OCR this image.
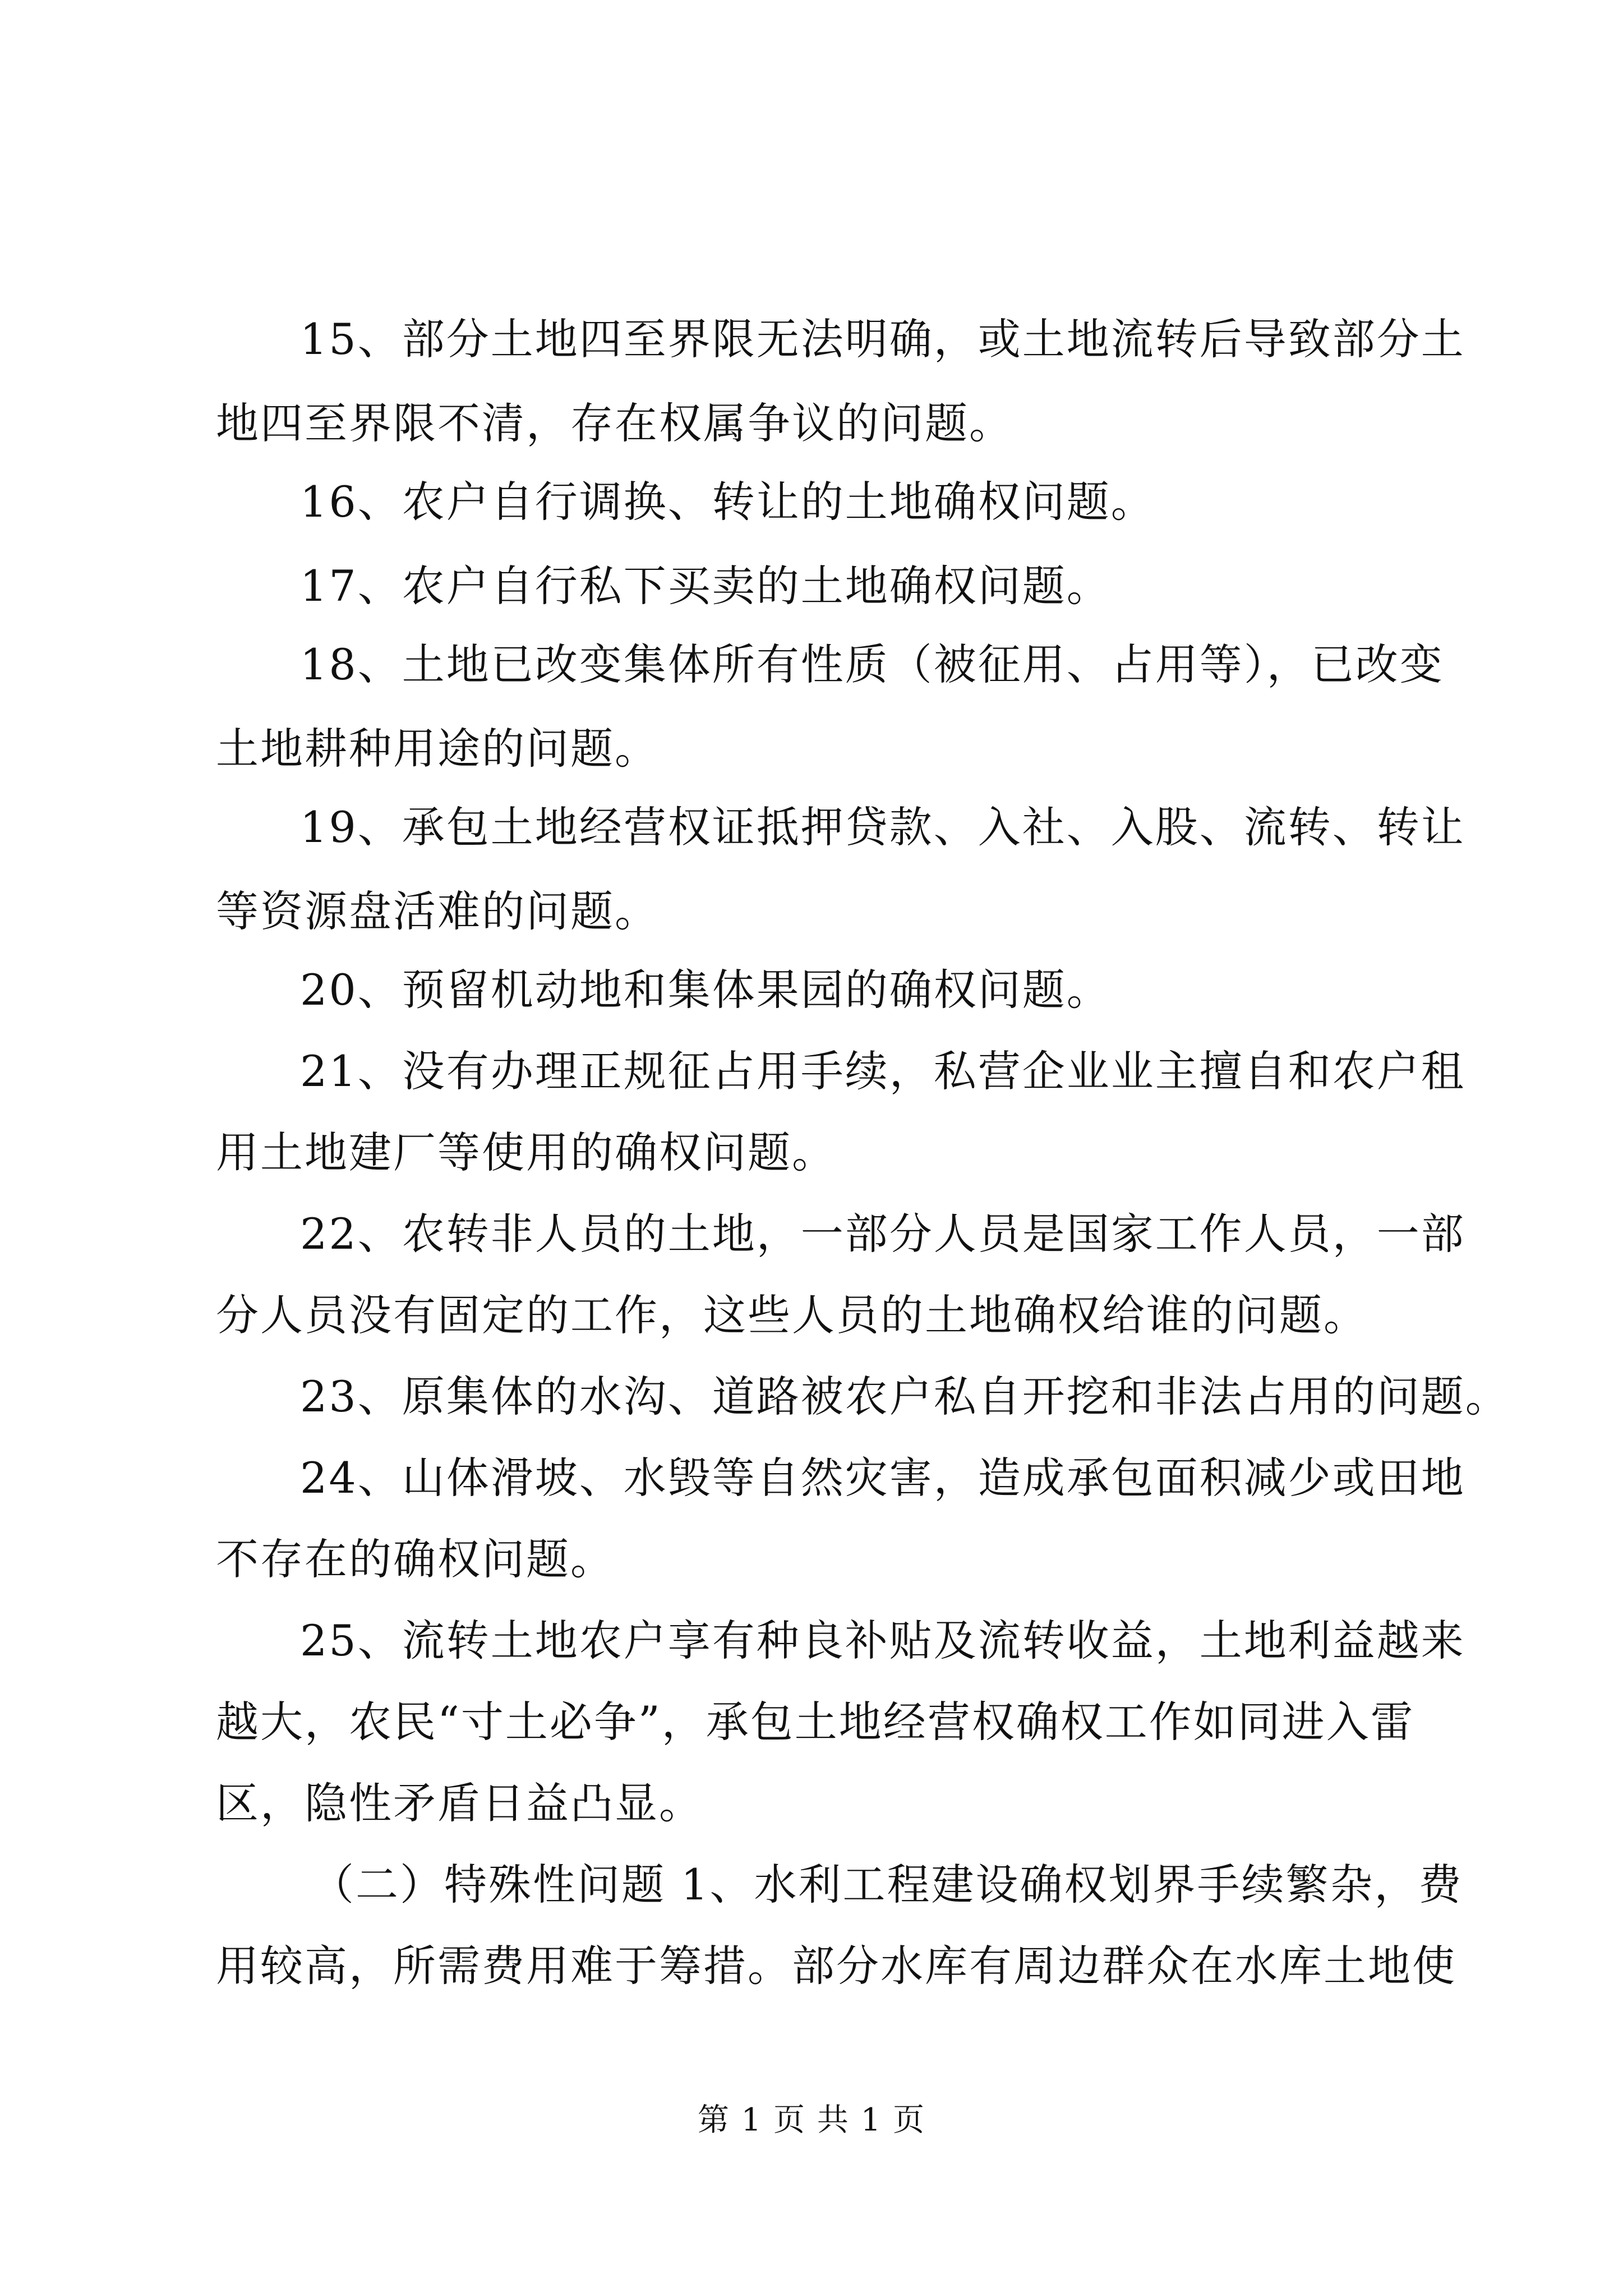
15、部分土地四至界限无法明确，或土地流转后导致部分土
地四至界限不清，存在权属争议的问题。
16、农户自行调换、转让的土地确权问题。
17、农户自行私下买卖的土地确权问题。
18、土地已改变集体所有性质（被征用、占用等），已改变
土地耕种用途的问题。
19、承包土地经营权证抵押贷款、入社、入股、流转、转让
等资源盘活难的问题。
20、预留机动地和集体果园的确权问题。
21、没有办理正规征占用手续，私营企业业主擅自和农户租
用土地建厂等使用的确权问题。
22、农转非人员的土地，一部分人员是国家工作人员，一部
分人员没有固定的工作，这些人员的土地确权给谁的问题。
23、原集体的水沟、道路被农户私自开挖和非法占用的问题。
24、山体滑坡、水毁等自然灾害，造成承包面积减少或田地
不存在的确权问题。
25、流转土地农户享有种良补贴及流转收益，土地利益越来
越大，农民“寸土必争”，承包土地经营权确权工作如同进入雷
区，隐性矛盾日益凸显。
（二）特殊性问题 1、水利工程建设确权划界手续繁杂，费
用较高，所需费用难于筹措。部分水库有周边群众在水库土地使
第 1 页 共 1 页
